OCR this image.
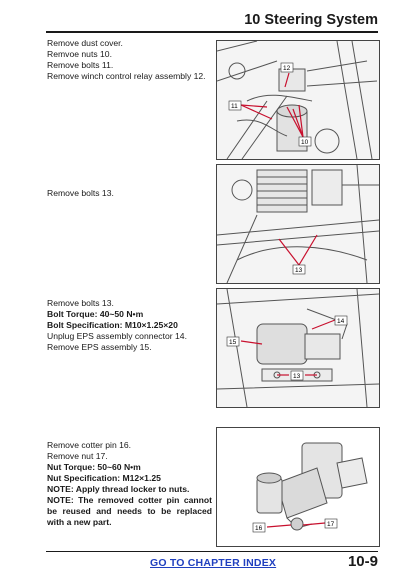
10 Steering System

Remove dust cover.

Remvoe nuts 10.

Remove bolts 11.

Remove winch control relay assembly 12.

12
11
10

Remove bolts 13.

13

Remove bolts 13.

Bolt Torque: 40~50 N•m

Bolt Specification: M10×1.25×20

Unplug EPS assembly connector 14.

Remove EPS assembly 15.

14
15
13

Remove cotter pin 16.

Remove nut 17.

Nut Torque: 50~60 N•m

Nut Specification: M12×1.25

NOTE: Apply thread locker to nuts.

NOTE: The removed cotter pin cannot be reused and needs to be replaced with a new part.

16
17
GO TO CHAPTER INDEX	10-9
